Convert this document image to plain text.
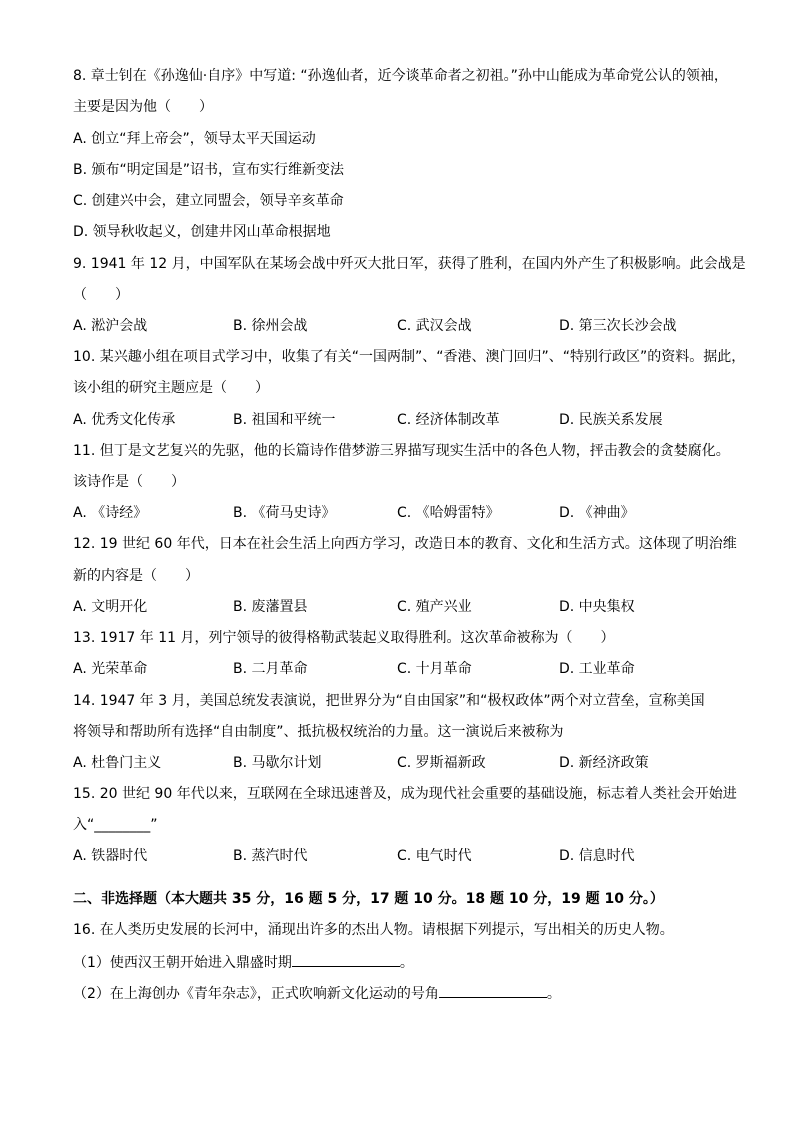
8. 章士钊在《孙逸仙·自序》中写道: “孙逸仙者，近今谈革命者之初祖。”孙中山能成为革命党公认的领袖，
主要是因为他（　　）
A. 创立“拜上帝会”，领导太平天国运动
B. 颁布“明定国是”诏书，宣布实行维新变法
C. 创建兴中会，建立同盟会，领导辛亥革命
D. 领导秋收起义，创建井冈山革命根据地
9. 1941 年 12 月，中国军队在某场会战中歼灭大批日军，获得了胜利，在国内外产生了积极影响。此会战是
（　　）
A. 淞沪会战	B. 徐州会战	C. 武汉会战	D. 第三次长沙会战
10. 某兴趣小组在项目式学习中，收集了有关“一国两制”、“香港、澳门回归”、“特别行政区”的资料。据此，
该小组的研究主题应是（　　）
A. 优秀文化传承	B. 祖国和平统一	C. 经济体制改革	D. 民族关系发展
11. 但丁是文艺复兴的先驱，他的长篇诗作借梦游三界描写现实生活中的各色人物，抨击教会的贪婪腐化。
该诗作是（　　）
A. 《诗经》	B. 《荷马史诗》	C. 《哈姆雷特》	D. 《神曲》
12. 19 世纪 60 年代，日本在社会生活上向西方学习，改造日本的教育、文化和生活方式。这体现了明治维
新的内容是（　　）
A. 文明开化	B. 废藩置县	C. 殖产兴业	D. 中央集权
13. 1917 年 11 月，列宁领导的彼得格勒武装起义取得胜利。这次革命被称为（　　）
A. 光荣革命	B. 二月革命	C. 十月革命	D. 工业革命
14. 1947 年 3 月，美国总统发表演说，把世界分为“自由国家”和“极权政体”两个对立营垒，宣称美国
将领导和帮助所有选择“自由制度”、抵抗极权统治的力量。这一演说后来被称为
A. 杜鲁门主义	B. 马歇尔计划	C. 罗斯福新政	D. 新经济政策
15. 20 世纪 90 年代以来，互联网在全球迅速普及，成为现代社会重要的基础设施，标志着人类社会开始进
入“________”
A. 铁器时代	B. 蒸汽时代	C. 电气时代	D. 信息时代
二、非选择题（本大题共 35 分，16 题 5 分，17 题 10 分。18 题 10 分，19 题 10 分。）
16. 在人类历史发展的长河中，涌现出许多的杰出人物。请根据下列提示，写出相关的历史人物。
（1）使西汉王朝开始进入鼎盛时期	。
（2）在上海创办《青年杂志》，正式吹响新文化运动的号角	。
